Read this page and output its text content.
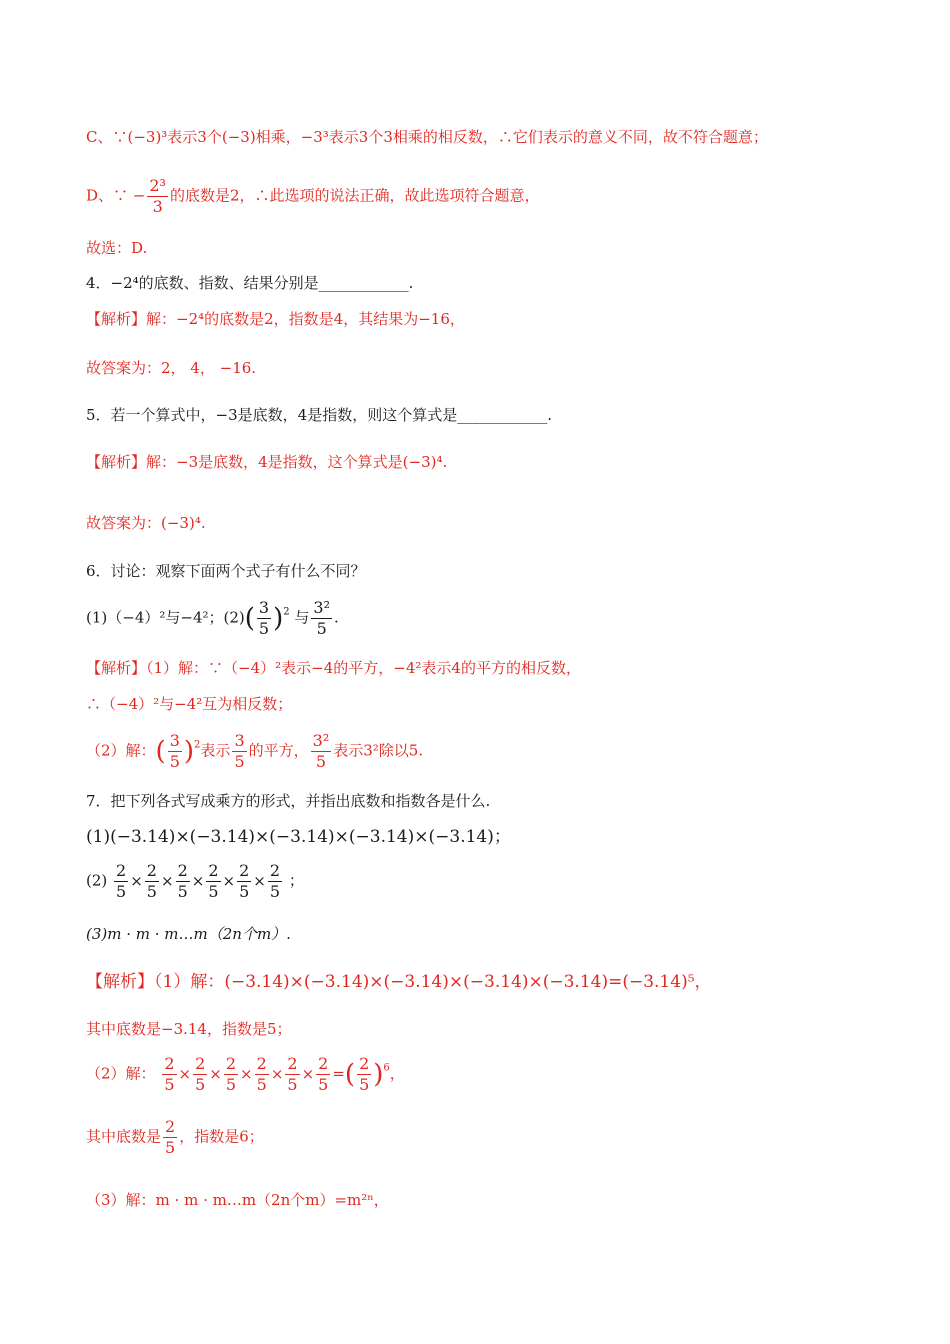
C、∵(−3)³表示3个(−3)相乘，−3³表示3个3相乘的相反数，∴它们表示的意义不同，故不符合题意；
D、∵ − $\frac{\text{2³}}{3}$ 的底数是2，∴此选项的说法正确，故此选项符合题意，
故选：D.
4．−2⁴的底数、指数、结果分别是____________.
【解析】解：−2⁴的底数是2，指数是4，其结果为−16，
故答案为：2， 4， −16.
5．若一个算式中，−3是底数，4是指数，则这个算式是____________.
【解析】解：−3是底数，4是指数，这个算式是(−3)⁴.
故答案为：(−3)⁴.
6．讨论：观察下面两个式子有什么不同？
(1)（−4）²与−4²；$(2)( \frac{3}{5} )^2$ 与 $\frac{\text{3²}}{5}$ .
【解析】（1）解：∵（−4）²表示−4的平方，−4²表示4的平方的相反数，
∴（−4）²与−4²互为相反数；
（2）解：( $\frac{3}{5} )^2$表示 $\frac{3}{5}$ 的平方， $\frac{\text{3²}}{5}$ 表示3²除以5.
7．把下列各式写成乘方的形式，并指出底数和指数各是什么.
(1)(−3.14)×(−3.14)×(−3.14)×(−3.14)×(−3.14)；
$(2) \frac{2}{5} \times \frac{2}{5} \times \frac{2}{5} \times \frac{2}{5} \times \frac{2}{5} \times \frac{2}{5}$ ；
(3)m · m · m…m（2n个m）.
【解析】（1）解：(−3.14)×(−3.14)×(−3.14)×(−3.14)×(−3.14)=(−3.14)⁵，
其中底数是−3.14，指数是5；
（2）解： $\frac{2}{5} \times \frac{2}{5} \times \frac{2}{5} \times \frac{2}{5} \times \frac{2}{5} \times \frac{2}{5}$ =( $\frac{2}{5} )^6$，
其中底数是 $\frac{2}{5}$ ，指数是6；
（3）解：m · m · m…m（2n个m）=m²ⁿ，
